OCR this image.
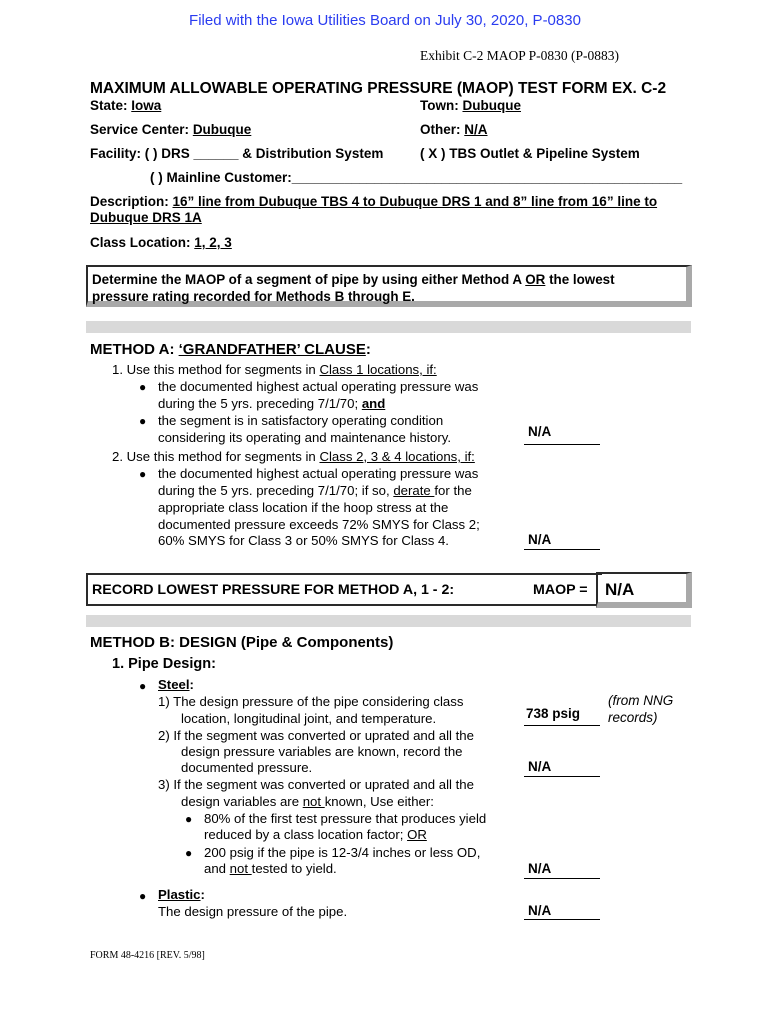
Filed with the Iowa Utilities Board on July 30, 2020, P-0830
Exhibit C-2 MAOP P-0830 (P-0883)
MAXIMUM ALLOWABLE OPERATING PRESSURE (MAOP) TEST FORM EX. C-2
State: Iowa	Town: Dubuque
Service Center: Dubuque	Other: N/A
Facility: ( ) DRS ______ & Distribution System	( X ) TBS Outlet & Pipeline System
( ) Mainline Customer:____________________________________________________
Description: 16” line from Dubuque TBS 4 to Dubuque DRS 1 and 8” line from 16” line to
Dubuque DRS 1A
Class Location: 1, 2, 3
Determine the MAOP of a segment of pipe by using either Method A OR the lowest
pressure rating recorded for Methods B through E.
METHOD A: ‘GRANDFATHER’ CLAUSE:
1. Use this method for segments in Class 1 locations, if:
● the documented highest actual operating pressure was
during the 5 yrs. preceding 7/1/70; and
● the segment is in satisfactory operating condition
considering its operating and maintenance history.	N/A
2. Use this method for segments in Class 2, 3 & 4 locations, if:
● the documented highest actual operating pressure was
during the 5 yrs. preceding 7/1/70; if so, derate for the
appropriate class location if the hoop stress at the
documented pressure exceeds 72% SMYS for Class 2;
60% SMYS for Class 3 or 50% SMYS for Class 4.	N/A
RECORD LOWEST PRESSURE FOR METHOD A, 1 - 2:	MAOP =	N/A
METHOD B: DESIGN (Pipe & Components)
1. Pipe Design:
● Steel:
1) The design pressure of the pipe considering class
location, longitudinal joint, and temperature.	738 psig
(from NNG
records)
2) If the segment was converted or uprated and all the
design pressure variables are known, record the
documented pressure.	N/A
3) If the segment was converted or uprated and all the
design variables are not known, Use either:
● 80% of the first test pressure that produces yield
reduced by a class location factor; OR
● 200 psig if the pipe is 12-3/4 inches or less OD,
and not tested to yield.	N/A
● Plastic:
The design pressure of the pipe.	N/A
FORM 48-4216 [REV. 5/98]
